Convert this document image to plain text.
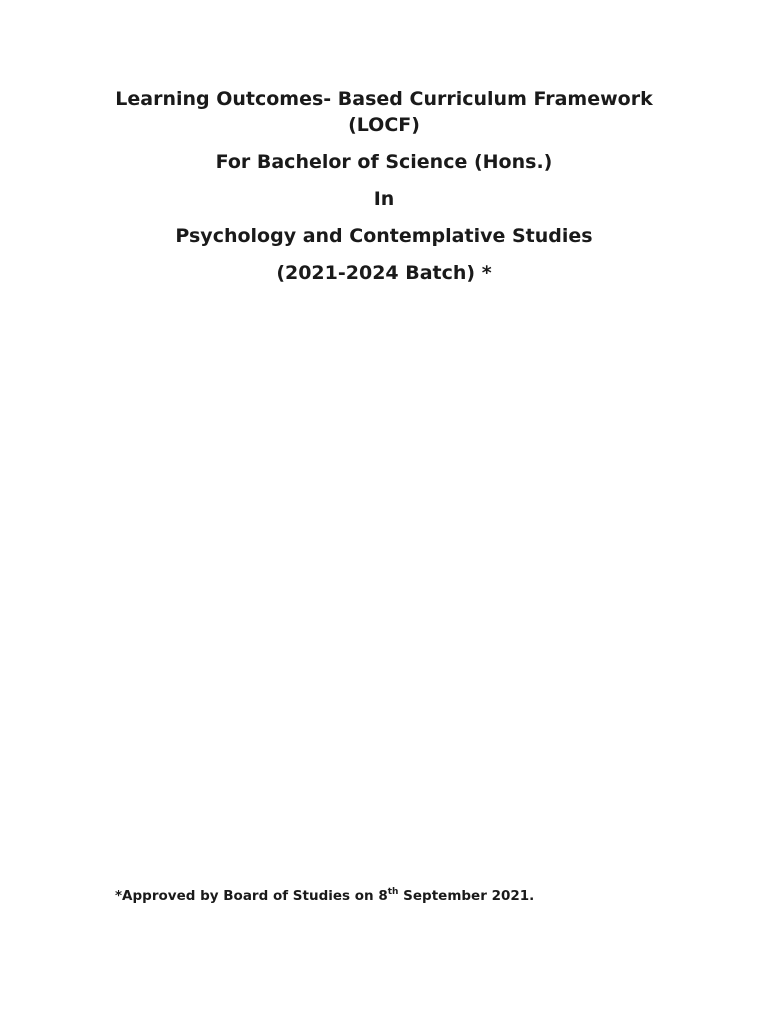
Learning Outcomes- Based Curriculum Framework

(LOCF)

For Bachelor of Science (Hons.)

In

Psychology and Contemplative Studies

(2021-2024 Batch) *

*Approved by Board of Studies on 8th September 2021.
